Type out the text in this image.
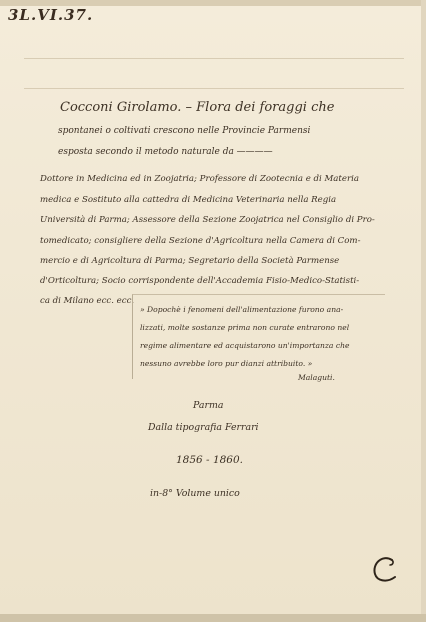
3L.VI.37.
Cocconi Girolamo. – Flora dei foraggi che
spontanei o coltivati crescono nelle Provincie Parmensi
esposta secondo il metodo naturale da ————
Dottore in Medicina ed in Zoojatria; Professore di Zootecnia e di Materia
medica e Sostituto alla cattedra di Medicina Veterinaria nella Regia
Università di Parma; Assessore della Sezione Zoojatrica nel Consiglio di Pro-
tomedicato; consigliere della Sezione d'Agricoltura nella Camera di Com-
mercio e di Agricoltura di Parma; Segretario della Società Parmense
d'Orticoltura; Socio corrispondente dell'Accademia Fisio-Medico-Statisti-
ca di Milano ecc. ecc.
» Dopochè i fenomeni dell'alimentazione furono ana-
lizzati, molte sostanze prima non curate entrarono nel
regime alimentare ed acquistarono un'importanza che
nessuno avrebbe loro pur dianzi attribuito. »
Malaguti.
Parma
Dalla tipografia Ferrari
1856 - 1860.
in-8° Volume unico
